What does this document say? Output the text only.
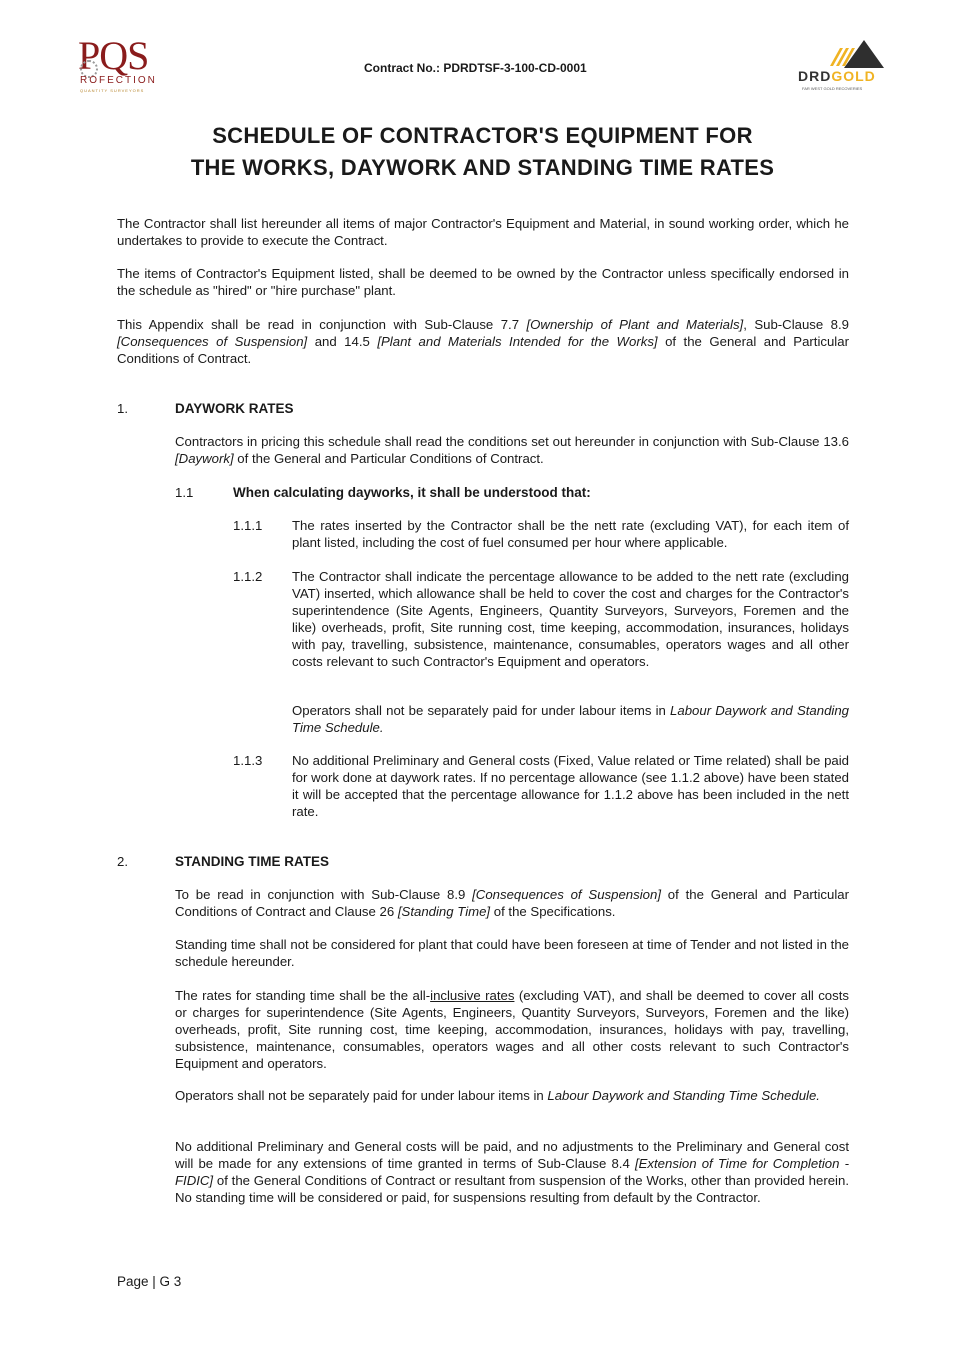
PQS
ROFECTION
QUANTITY SURVEYORS
Contract No.: PDRDTSF-3-100-CD-0001	DRDGOLD
FAR WEST GOLD RECOVERIES
SCHEDULE OF CONTRACTOR'S EQUIPMENT FOR
THE WORKS, DAYWORK AND STANDING TIME RATES
The Contractor shall list hereunder all items of major Contractor's Equipment and Material, in sound working order, which he undertakes to provide to execute the Contract.
The items of Contractor's Equipment listed, shall be deemed to be owned by the Contractor unless specifically endorsed in the schedule as "hired" or "hire purchase" plant.
This Appendix shall be read in conjunction with Sub-Clause 7.7 [Ownership of Plant and Materials], Sub-Clause 8.9 [Consequences of Suspension] and 14.5 [Plant and Materials Intended for the Works] of the General and Particular Conditions of Contract.
1.	DAYWORK RATES
Contractors in pricing this schedule shall read the conditions set out hereunder in conjunction with Sub-Clause 13.6 [Daywork] of the General and Particular Conditions of Contract.
1.1	When calculating dayworks, it shall be understood that:
1.1.1 The rates inserted by the Contractor shall be the nett rate (excluding VAT), for each item of plant listed, including the cost of fuel consumed per hour where applicable.
1.1.2 The Contractor shall indicate the percentage allowance to be added to the nett rate (excluding VAT) inserted, which allowance shall be held to cover the cost and charges for the Contractor's superintendence (Site Agents, Engineers, Quantity Surveyors, Surveyors, Foremen and the like) overheads, profit, Site running cost, time keeping, accommodation, insurances, holidays with pay, travelling, subsistence, maintenance, consumables, operators wages and all other costs relevant to such Contractor's Equipment and operators.
Operators shall not be separately paid for under labour items in Labour Daywork and Standing Time Schedule.
1.1.3 No additional Preliminary and General costs (Fixed, Value related or Time related) shall be paid for work done at daywork rates. If no percentage allowance (see 1.1.2 above) have been stated it will be accepted that the percentage allowance for 1.1.2 above has been included in the nett rate.
2.	STANDING TIME RATES
To be read in conjunction with Sub-Clause 8.9 [Consequences of Suspension] of the General and Particular Conditions of Contract and Clause 26 [Standing Time] of the Specifications.
Standing time shall not be considered for plant that could have been foreseen at time of Tender and not listed in the schedule hereunder.
The rates for standing time shall be the all-inclusive rates (excluding VAT), and shall be deemed to cover all costs or charges for superintendence (Site Agents, Engineers, Quantity Surveyors, Surveyors, Foremen and the like) overheads, profit, Site running cost, time keeping, accommodation, insurances, holidays with pay, travelling, subsistence, maintenance, consumables, operators wages and all other costs relevant to such Contractor's Equipment and operators.
Operators shall not be separately paid for under labour items in Labour Daywork and Standing Time Schedule.
No additional Preliminary and General costs will be paid, and no adjustments to the Preliminary and General cost will be made for any extensions of time granted in terms of Sub-Clause 8.4 [Extension of Time for Completion - FIDIC] of the General Conditions of Contract or resultant from suspension of the Works, other than provided herein. No standing time will be considered or paid, for suspensions resulting from default by the Contractor.
Page | G 3
